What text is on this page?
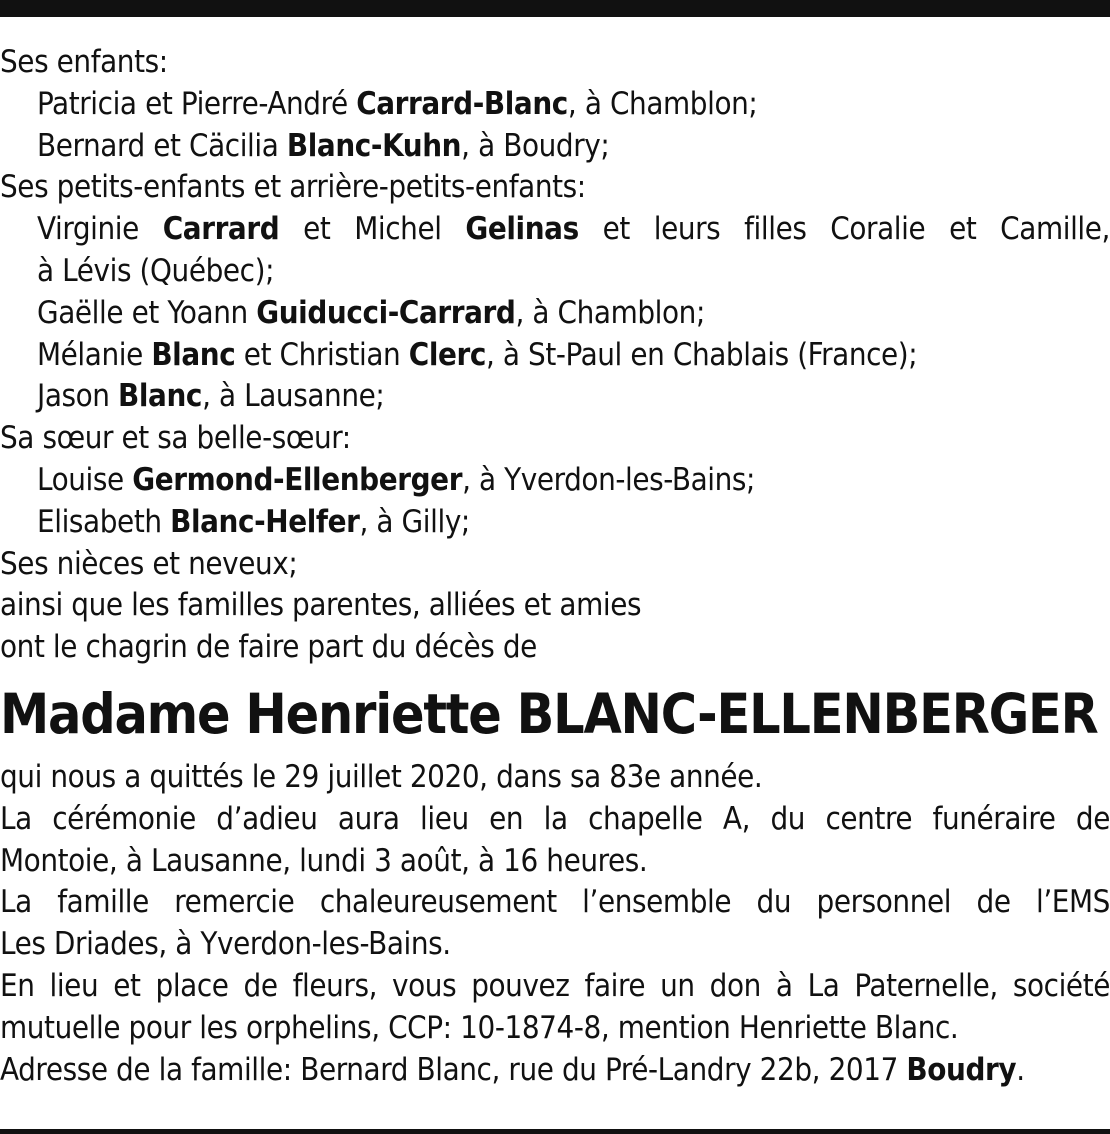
Ses enfants:
Patricia et Pierre-André Carrard-Blanc, à Chamblon;
Bernard et Cäcilia Blanc-Kuhn, à Boudry;
Ses petits-enfants et arrière-petits-enfants:
Virginie Carrard et Michel Gelinas et leurs filles Coralie et Camille,
à Lévis (Québec);
Gaëlle et Yoann Guiducci-Carrard, à Chamblon;
Mélanie Blanc et Christian Clerc, à St-Paul en Chablais (France);
Jason Blanc, à Lausanne;
Sa sœur et sa belle-sœur:
Louise Germond-Ellenberger, à Yverdon-les-Bains;
Elisabeth Blanc-Helfer, à Gilly;
Ses nièces et neveux;
ainsi que les familles parentes, alliées et amies
ont le chagrin de faire part du décès de
Madame Henriette BLANC-ELLENBERGER
qui nous a quittés le 29 juillet 2020, dans sa 83e année.
La cérémonie d’adieu aura lieu en la chapelle A, du centre funéraire de
Montoie, à Lausanne, lundi 3 août, à 16 heures.
La famille remercie chaleureusement l’ensemble du personnel de l’EMS
Les Driades, à Yverdon-les-Bains.
En lieu et place de fleurs, vous pouvez faire un don à La Paternelle, société
mutuelle pour les orphelins, CCP: 10-1874-8, mention Henriette Blanc.
Adresse de la famille: Bernard Blanc, rue du Pré-Landry 22b, 2017 Boudry.
